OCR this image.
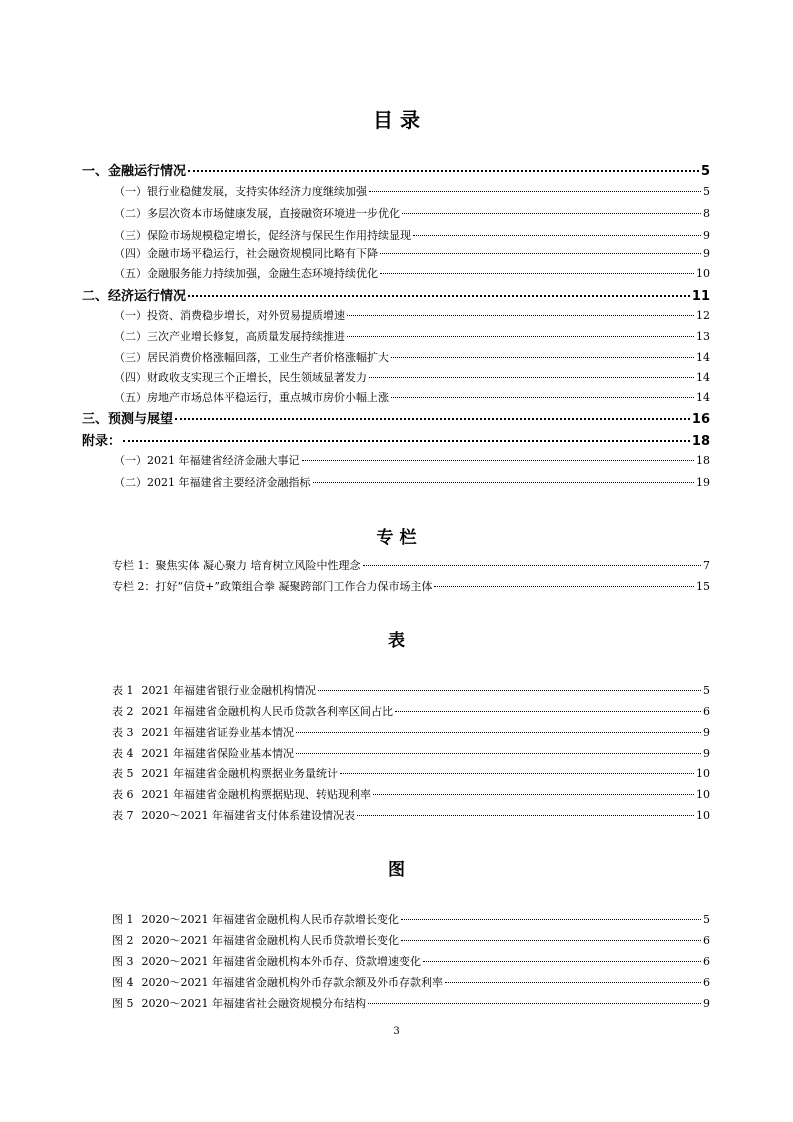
目 录
一、金融运行情况	5
（一）银行业稳健发展，支持实体经济力度继续加强	5
（二）多层次资本市场健康发展，直接融资环境进一步优化	8
（三）保险市场规模稳定增长，促经济与保民生作用持续显现	9
（四）金融市场平稳运行，社会融资规模同比略有下降	9
（五）金融服务能力持续加强，金融生态环境持续优化	10
二、经济运行情况	11
（一）投资、消费稳步增长，对外贸易提质增速	12
（二）三次产业增长修复，高质量发展持续推进	13
（三）居民消费价格涨幅回落，工业生产者价格涨幅扩大	14
（四）财政收支实现三个正增长，民生领域显著发力	14
（五）房地产市场总体平稳运行，重点城市房价小幅上涨	14
三、预测与展望	16
附录：	18
（一）2021 年福建省经济金融大事记	18
（二）2021 年福建省主要经济金融指标	19
专 栏
专栏 1：聚焦实体 凝心聚力 培育树立风险中性理念	7
专栏 2：打好“信贷+”政策组合拳 凝聚跨部门工作合力保市场主体	15
表
表 1 2021 年福建省银行业金融机构情况	5
表 2 2021 年福建省金融机构人民币贷款各利率区间占比	6
表 3 2021 年福建省证券业基本情况	9
表 4 2021 年福建省保险业基本情况	9
表 5 2021 年福建省金融机构票据业务量统计	10
表 6 2021 年福建省金融机构票据贴现、转贴现利率	10
表 7 2020～2021 年福建省支付体系建设情况表	10
图
图 1 2020～2021 年福建省金融机构人民币存款增长变化	5
图 2 2020～2021 年福建省金融机构人民币贷款增长变化	6
图 3 2020～2021 年福建省金融机构本外币存、贷款增速变化	6
图 4 2020～2021 年福建省金融机构外币存款余额及外币存款利率	6
图 5 2020～2021 年福建省社会融资规模分布结构	9
3
